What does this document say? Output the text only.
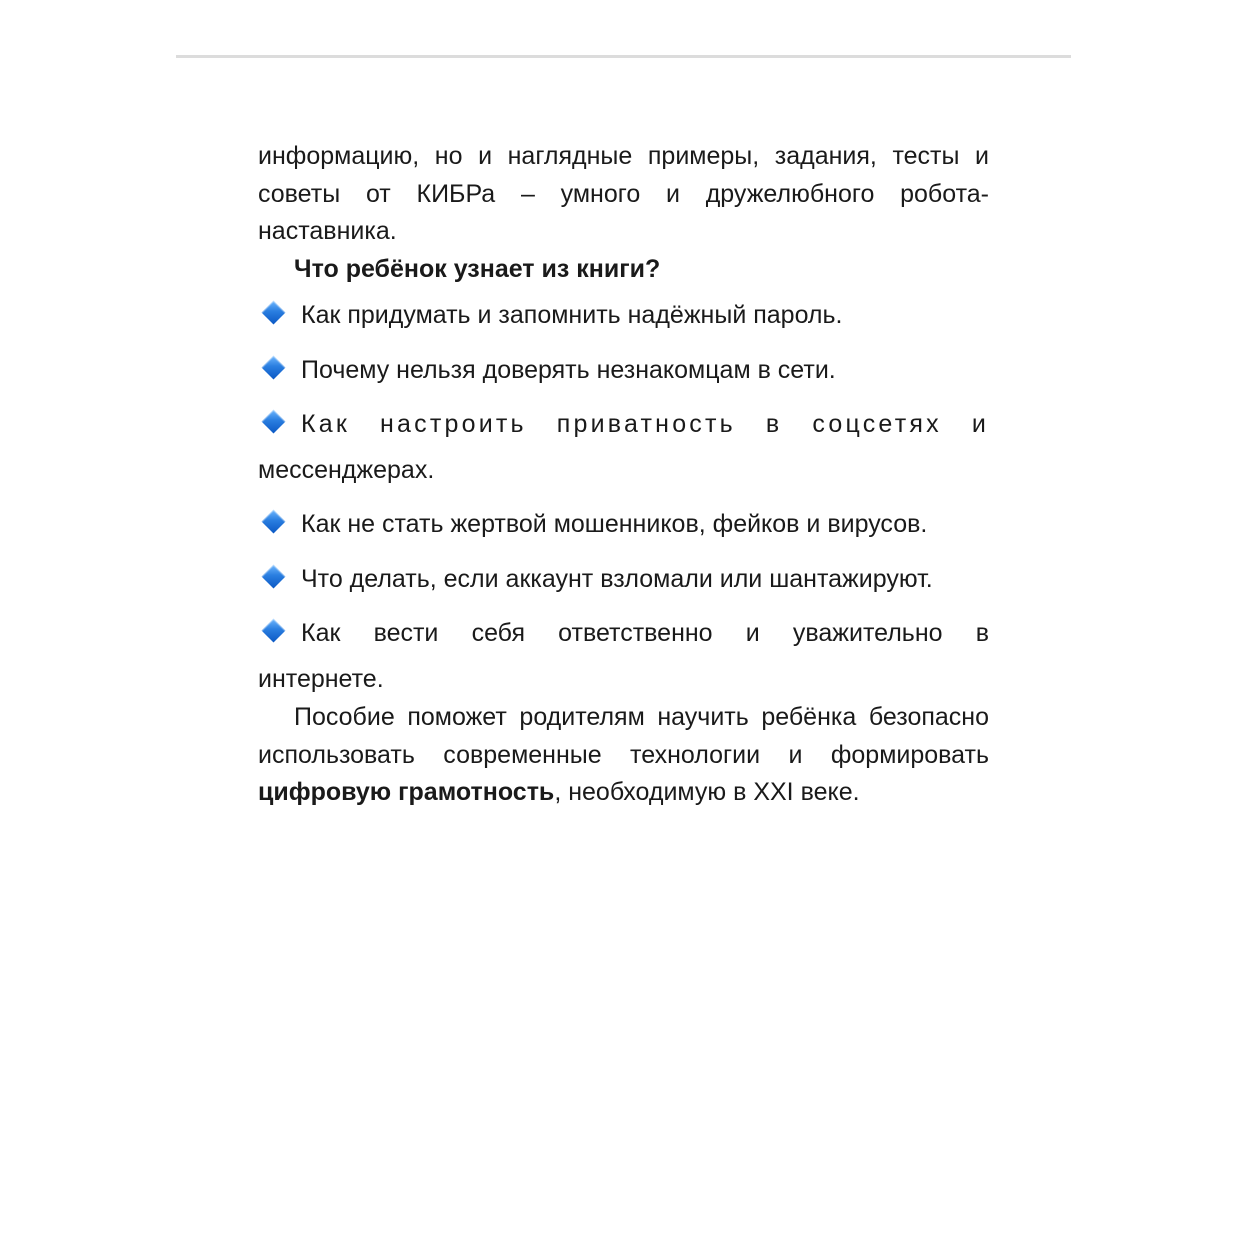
информацию, но и наглядные примеры, задания, тесты и советы от КИБРа – умного и дружелюбного робота-наставника.

Что ребёнок узнает из книги?

Как придумать и запомнить надёжный пароль.

Почему нельзя доверять незнакомцам в сети.

Как настроить приватность в соцсетях и
мессенджерах.

Как не стать жертвой мошенников, фейков и вирусов.

Что делать, если аккаунт взломали или шантажируют.

Как вести себя ответственно и уважительно в
интернете.

Пособие поможет родителям научить ребёнка безопасно использовать современные технологии и формировать цифровую грамотность, необходимую в XXI веке.
